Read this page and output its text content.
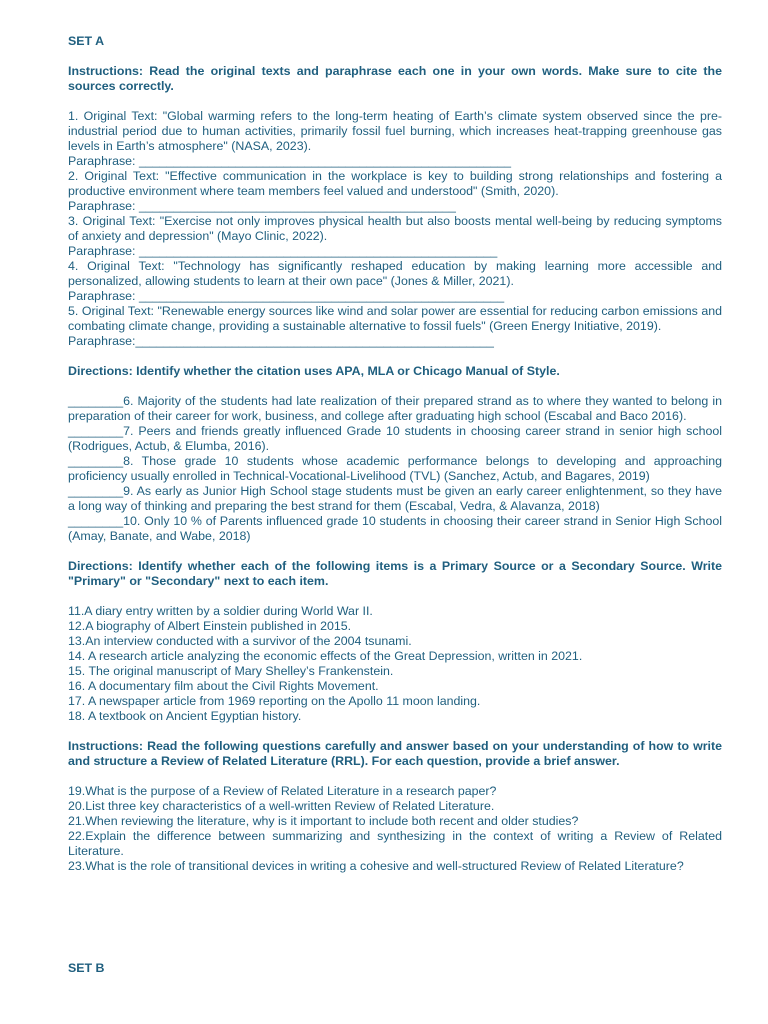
SET A

Instructions: Read the original texts and paraphrase each one in your own words. Make sure to cite the sources correctly.

1. Original Text: "Global warming refers to the long-term heating of Earth’s climate system observed since the pre-industrial period due to human activities, primarily fossil fuel burning, which increases heat-trapping greenhouse gas levels in Earth’s atmosphere" (NASA, 2023).

Paraphrase: ______________________________________________________

2. Original Text: "Effective communication in the workplace is key to building strong relationships and fostering a productive environment where team members feel valued and understood" (Smith, 2020).

Paraphrase: ______________________________________________

3. Original Text: "Exercise not only improves physical health but also boosts mental well-being by reducing symptoms of anxiety and depression" (Mayo Clinic, 2022).

Paraphrase: ____________________________________________________

4. Original Text: "Technology has significantly reshaped education by making learning more accessible and personalized, allowing students to learn at their own pace" (Jones & Miller, 2021).

Paraphrase: _____________________________________________________

5. Original Text: "Renewable energy sources like wind and solar power are essential for reducing carbon emissions and combating climate change, providing a sustainable alternative to fossil fuels" (Green Energy Initiative, 2019).

Paraphrase:____________________________________________________

Directions: Identify whether the citation uses APA, MLA or Chicago Manual of Style.

________6. Majority of the students had late realization of their prepared strand as to where they wanted to belong in preparation of their career for work, business, and college after graduating high school (Escabal and Baco 2016).

________7. Peers and friends greatly influenced Grade 10 students in choosing career strand in senior high school (Rodrigues, Actub, & Elumba, 2016).

________8. Those grade 10 students whose academic performance belongs to developing and approaching proficiency usually enrolled in Technical-Vocational-Livelihood (TVL) (Sanchez, Actub, and Bagares, 2019)

________9. As early as Junior High School stage students must be given an early career enlightenment, so they have a long way of thinking and preparing the best strand for them (Escabal, Vedra, & Alavanza, 2018)

________10. Only 10 % of Parents influenced grade 10 students in choosing their career strand in Senior High School (Amay, Banate, and Wabe, 2018)

Directions: Identify whether each of the following items is a Primary Source or a Secondary Source. Write "Primary" or "Secondary" next to each item.

11.A diary entry written by a soldier during World War II.

12.A biography of Albert Einstein published in 2015.

13.An interview conducted with a survivor of the 2004 tsunami.

14. A research article analyzing the economic effects of the Great Depression, written in 2021.

15. The original manuscript of Mary Shelley’s Frankenstein.

16. A documentary film about the Civil Rights Movement.

17. A newspaper article from 1969 reporting on the Apollo 11 moon landing.

18. A textbook on Ancient Egyptian history.

Instructions: Read the following questions carefully and answer based on your understanding of how to write and structure a Review of Related Literature (RRL). For each question, provide a brief answer.

19.What is the purpose of a Review of Related Literature in a research paper?

20.List three key characteristics of a well-written Review of Related Literature.

21.When reviewing the literature, why is it important to include both recent and older studies?

22.Explain the difference between summarizing and synthesizing in the context of writing a Review of Related Literature.

23.What is the role of transitional devices in writing a cohesive and well-structured Review of Related Literature?

SET B
